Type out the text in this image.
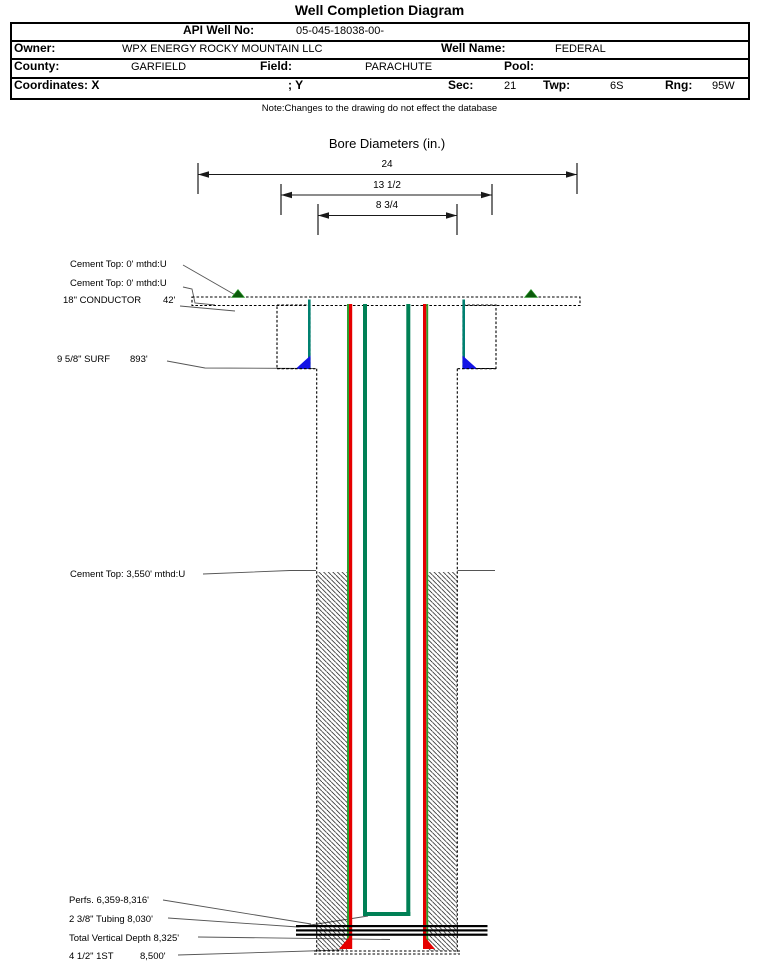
Well Completion Diagram
API Well No:	05-045-18038-00-
Owner:	WPX ENERGY ROCKY MOUNTAIN LLC	Well Name:	FEDERAL
County:	GARFIELD	Field:	PARACHUTE	Pool:
Coordinates: X	; Y	Sec:	21 Twp:	6S	Rng: 95W
Note:Changes to the drawing do not effect the database
Bore Diameters (in.)
24
13 1/2
8 3/4
Cement Top: 0' mthd:U
Cement Top: 0' mthd:U
18" CONDUCTOR 42'
9 5/8" SURF 893'
Cement Top: 3,550' mthd:U
Perfs. 6,359-8,316'
2 3/8" Tubing 8,030'
Total Vertical Depth 8,325'
4 1/2" 1ST	8,500'
